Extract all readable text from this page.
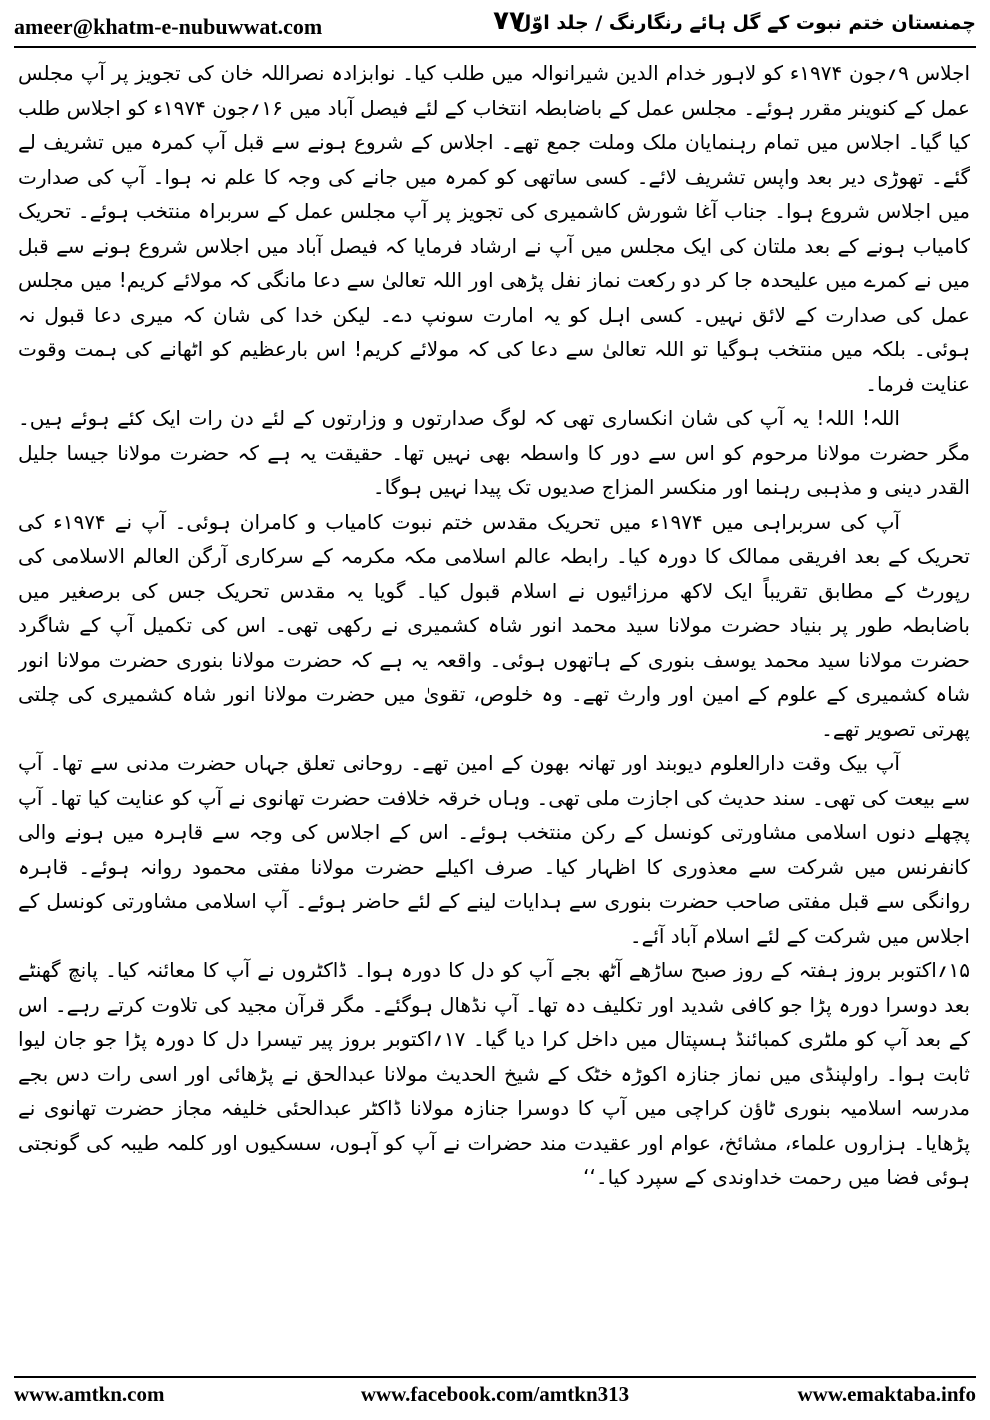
ameer@khatm-e-nubuwwat.com	۷۷
چمنستان ختم نبوت کے گل ہائے رنگارنگ / جلد اوّل

اجلاس ۹؍جون ۱۹۷۴ء کو لاہور خدام الدین شیرانوالہ میں طلب کیا۔ نوابزادہ نصراللہ خان کی تجویز پر آپ مجلس عمل کے کنوینر مقرر ہوئے۔ مجلس عمل کے باضابطہ انتخاب کے لئے فیصل آباد میں ۱۶؍جون ۱۹۷۴ء کو اجلاس طلب کیا گیا۔ اجلاس میں تمام رہنمایان ملک وملت جمع تھے۔ اجلاس کے شروع ہونے سے قبل آپ کمرہ میں تشریف لے گئے۔ تھوڑی دیر بعد واپس تشریف لائے۔ کسی ساتھی کو کمرہ میں جانے کی وجہ کا علم نہ ہوا۔ آپ کی صدارت میں اجلاس شروع ہوا۔ جناب آغا شورش کاشمیری کی تجویز پر آپ مجلس عمل کے سربراہ منتخب ہوئے۔ تحریک کامیاب ہونے کے بعد ملتان کی ایک مجلس میں آپ نے ارشاد فرمایا کہ فیصل آباد میں اجلاس شروع ہونے سے قبل میں نے کمرے میں علیحدہ جا کر دو رکعت نماز نفل پڑھی اور اللہ تعالیٰ سے دعا مانگی کہ مولائے کریم! میں مجلس عمل کی صدارت کے لائق نہیں۔ کسی اہل کو یہ امارت سونپ دے۔ لیکن خدا کی شان کہ میری دعا قبول نہ ہوئی۔ بلکہ میں منتخب ہوگیا تو اللہ تعالیٰ سے دعا کی کہ مولائے کریم! اس بارعظیم کو اٹھانے کی ہمت وقوت عنایت فرما۔

اللہ! اللہ! یہ آپ کی شان انکساری تھی کہ لوگ صدارتوں و وزارتوں کے لئے دن رات ایک کئے ہوئے ہیں۔ مگر حضرت مولانا مرحوم کو اس سے دور کا واسطہ بھی نہیں تھا۔ حقیقت یہ ہے کہ حضرت مولانا جیسا جلیل القدر دینی و مذہبی رہنما اور منکسر المزاج صدیوں تک پیدا نہیں ہوگا۔

آپ کی سربراہی میں ۱۹۷۴ء میں تحریک مقدس ختم نبوت کامیاب و کامران ہوئی۔ آپ نے ۱۹۷۴ء کی تحریک کے بعد افریقی ممالک کا دورہ کیا۔ رابطہ عالم اسلامی مکہ مکرمہ کے سرکاری آرگن العالم الاسلامی کی رپورٹ کے مطابق تقریباً ایک لاکھ مرزائیوں نے اسلام قبول کیا۔ گویا یہ مقدس تحریک جس کی برصغیر میں باضابطہ طور پر بنیاد حضرت مولانا سید محمد انور شاہ کشمیری نے رکھی تھی۔ اس کی تکمیل آپ کے شاگرد حضرت مولانا سید محمد یوسف بنوری کے ہاتھوں ہوئی۔ واقعہ یہ ہے کہ حضرت مولانا بنوری حضرت مولانا انور شاہ کشمیری کے علوم کے امین اور وارث تھے۔ وہ خلوص، تقویٰ میں حضرت مولانا انور شاہ کشمیری کی چلتی پھرتی تصویر تھے۔

آپ بیک وقت دارالعلوم دیوبند اور تھانہ بھون کے امین تھے۔ روحانی تعلق جہاں حضرت مدنی سے تھا۔ آپ سے بیعت کی تھی۔ سند حدیث کی اجازت ملی تھی۔ وہاں خرقہ خلافت حضرت تھانوی نے آپ کو عنایت کیا تھا۔ آپ پچھلے دنوں اسلامی مشاورتی کونسل کے رکن منتخب ہوئے۔ اس کے اجلاس کی وجہ سے قاہرہ میں ہونے والی کانفرنس میں شرکت سے معذوری کا اظہار کیا۔ صرف اکیلے حضرت مولانا مفتی محمود روانہ ہوئے۔ قاہرہ روانگی سے قبل مفتی صاحب حضرت بنوری سے ہدایات لینے کے لئے حاضر ہوئے۔ آپ اسلامی مشاورتی کونسل کے اجلاس میں شرکت کے لئے اسلام آباد آئے۔

۱۵؍اکتوبر بروز ہفتہ کے روز صبح ساڑھے آٹھ بجے آپ کو دل کا دورہ ہوا۔ ڈاکٹروں نے آپ کا معائنہ کیا۔ پانچ گھنٹے بعد دوسرا دورہ پڑا جو کافی شدید اور تکلیف دہ تھا۔ آپ نڈھال ہوگئے۔ مگر قرآن مجید کی تلاوت کرتے رہے۔ اس کے بعد آپ کو ملٹری کمبائنڈ ہسپتال میں داخل کرا دیا گیا۔ ۱۷؍اکتوبر بروز پیر تیسرا دل کا دورہ پڑا جو جان لیوا ثابت ہوا۔ راولپنڈی میں نماز جنازہ اکوڑہ خٹک کے شیخ الحدیث مولانا عبدالحق نے پڑھائی اور اسی رات دس بجے مدرسہ اسلامیہ بنوری ٹاؤن کراچی میں آپ کا دوسرا جنازہ مولانا ڈاکٹر عبدالحئی خلیفہ مجاز حضرت تھانوی نے پڑھایا۔ ہزاروں علماء، مشائخ، عوام اور عقیدت مند حضرات نے آپ کو آہوں، سسکیوں اور کلمہ طیبہ کی گونجتی ہوئی فضا میں رحمت خداوندی کے سپرد کیا۔‘‘

www.amtkn.com	www.facebook.com/amtkn313	www.emaktaba.info
